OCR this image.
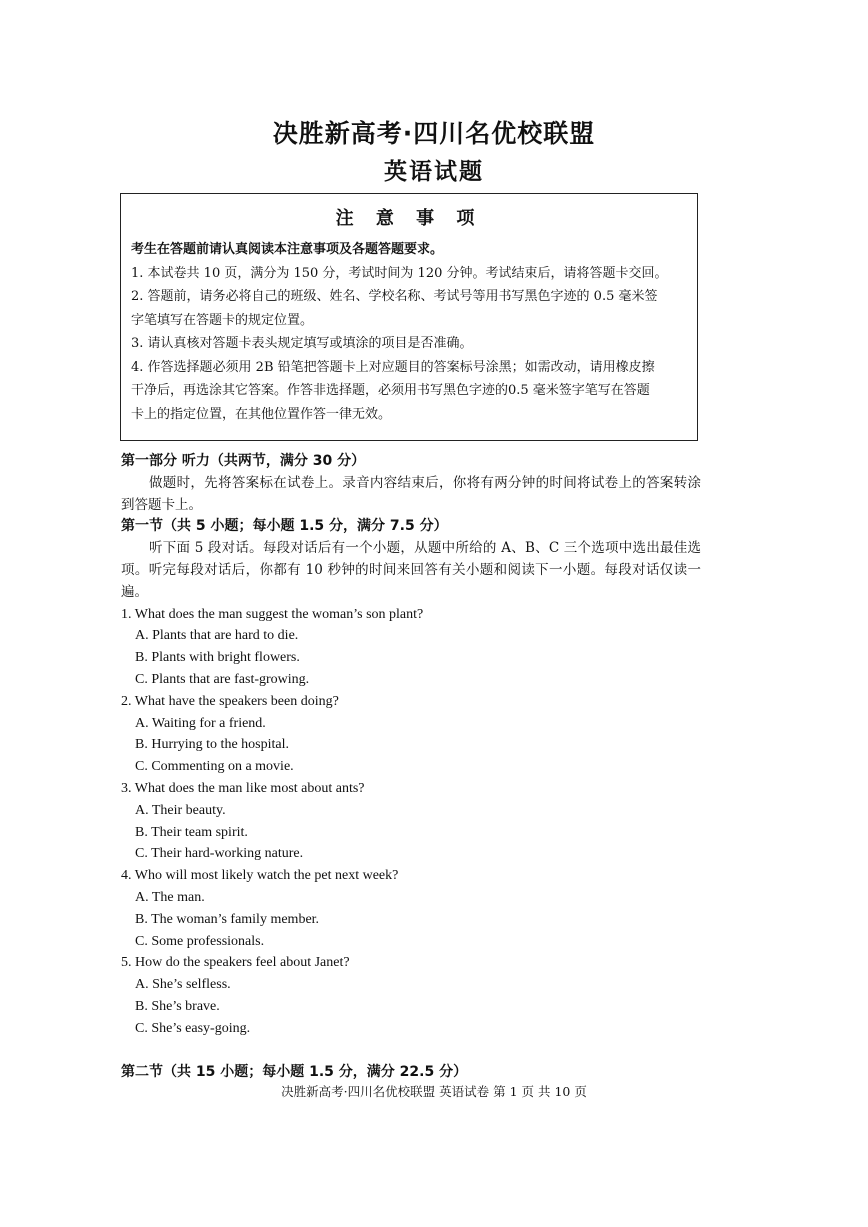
决胜新高考·四川名优校联盟
英语试题
注 意 事 项

考生在答题前请认真阅读本注意事项及各题答题要求。

1. 本试卷共 10 页，满分为 150 分，考试时间为 120 分钟。考试结束后，请将答题卡交回。

2. 答题前，请务必将自己的班级、姓名、学校名称、考试号等用书写黑色字迹的 0.5 毫米签

字笔填写在答题卡的规定位置。

3. 请认真核对答题卡表头规定填写或填涂的项目是否准确。

4. 作答选择题必须用 2B 铅笔把答题卡上对应题目的答案标号涂黑；如需改动，请用橡皮擦

干净后，再选涂其它答案。作答非选择题，必须用书写黑色字迹的0.5 毫米签字笔写在答题

卡上的指定位置，在其他位置作答一律无效。

第一部分 听力（共两节，满分 30 分）
做题时，先将答案标在试卷上。录音内容结束后，你将有两分钟的时间将试卷上的答案转涂到答题卡上。
第一节（共 5 小题；每小题 1.5 分，满分 7.5 分）
听下面 5 段对话。每段对话后有一个小题，从题中所给的 A、B、C 三个选项中选出最佳选项。听完每段对话后，你都有 10 秒钟的时间来回答有关小题和阅读下一小题。每段对话仅读一遍。
1. What does the man suggest the woman’s son plant?
A. Plants that are hard to die.
B. Plants with bright flowers.
C. Plants that are fast-growing.
2. What have the speakers been doing?
A. Waiting for a friend.
B. Hurrying to the hospital.
C. Commenting on a movie.
3. What does the man like most about ants?
A. Their beauty.
B. Their team spirit.
C. Their hard-working nature.
4. Who will most likely watch the pet next week?
A. The man.
B. The woman’s family member.
C. Some professionals.
5. How do the speakers feel about Janet?
A. She’s selfless.
B. She’s brave.
C. She’s easy-going.
第二节（共 15 小题；每小题 1.5 分，满分 22.5 分）
决胜新高考·四川名优校联盟 英语试卷 第 1 页 共 10 页
